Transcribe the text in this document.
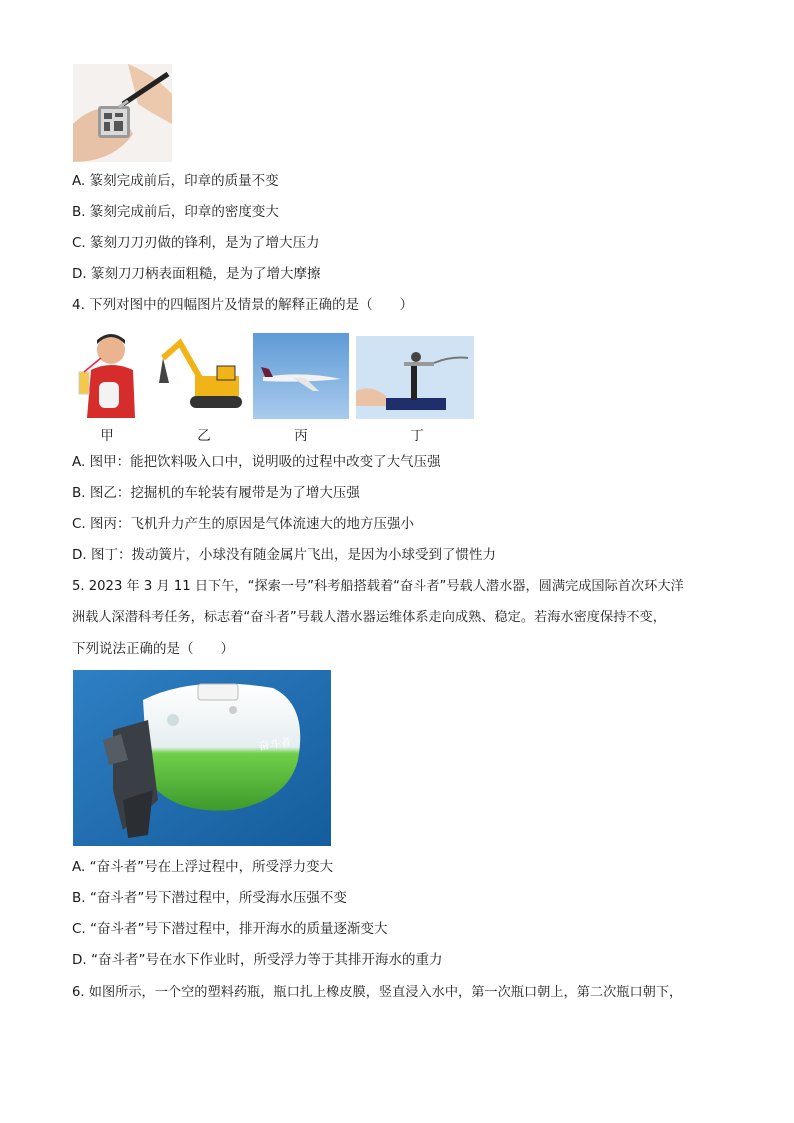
A. 篆刻完成前后，印章的质量不变
B. 篆刻完成前后，印章的密度变大
C. 篆刻刀刀刃做的锋利，是为了增大压力
D. 篆刻刀刀柄表面粗糙，是为了增大摩擦
4. 下列对图中的四幅图片及情景的解释正确的是（　　）
甲	乙	丙	丁
A. 图甲：能把饮料吸入口中，说明吸的过程中改变了大气压强
B. 图乙：挖掘机的车轮装有履带是为了增大压强
C. 图丙：飞机升力产生的原因是气体流速大的地方压强小
D. 图丁：拨动簧片，小球没有随金属片飞出，是因为小球受到了惯性力
5. 2023 年 3 月 11 日下午，“探索一号”科考船搭载着“奋斗者”号载人潜水器，圆满完成国际首次环大洋
洲载人深潜科考任务，标志着“奋斗者”号载人潜水器运维体系走向成熟、稳定。若海水密度保持不变，
下列说法正确的是（　　）
奋斗者
A. “奋斗者”号在上浮过程中，所受浮力变大
B. “奋斗者”号下潜过程中，所受海水压强不变
C. “奋斗者”号下潜过程中，排开海水的质量逐渐变大
D. “奋斗者”号在水下作业时，所受浮力等于其排开海水的重力
6. 如图所示，一个空的塑料药瓶，瓶口扎上橡皮膜，竖直浸入水中，第一次瓶口朝上，第二次瓶口朝下，
